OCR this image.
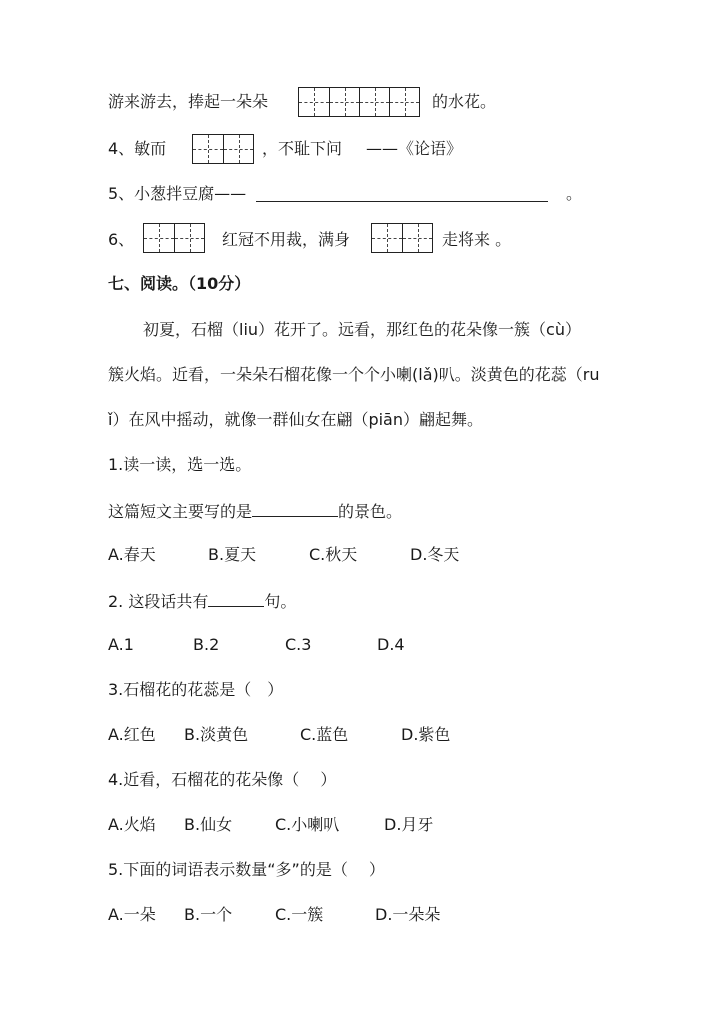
游来游去，捧起一朵朵	的水花。
4、敏而	，不耻下问 ——《论语》
5、小葱拌豆腐——	。
6、	红冠不用裁，满身	走将来 。
七、阅读。（10分）
初夏，石榴（liu）花开了。远看，那红色的花朵像一簇（cù）
簇火焰。近看，一朵朵石榴花像一个个小喇(lǎ)叭。淡黄色的花蕊（ru
ǐ）在风中摇动，就像一群仙女在翩（piān）翩起舞。
1.读一读，选一选。
这篇短文主要写的是	的景色。
A.春天	B.夏天	C.秋天	D.冬天
2. 这段话共有	句。
A.1	B.2	C.3	D.4
3.石榴花的花蕊是（　）
A.红色 B.淡黄色	C.蓝色	D.紫色
4.近看，石榴花的花朵像（　 ）
A.火焰 B.仙女	C.小喇叭	D.月牙
5.下面的词语表示数量“多”的是（　 ）
A.一朵 B.一个	C.一簇	D.一朵朵
